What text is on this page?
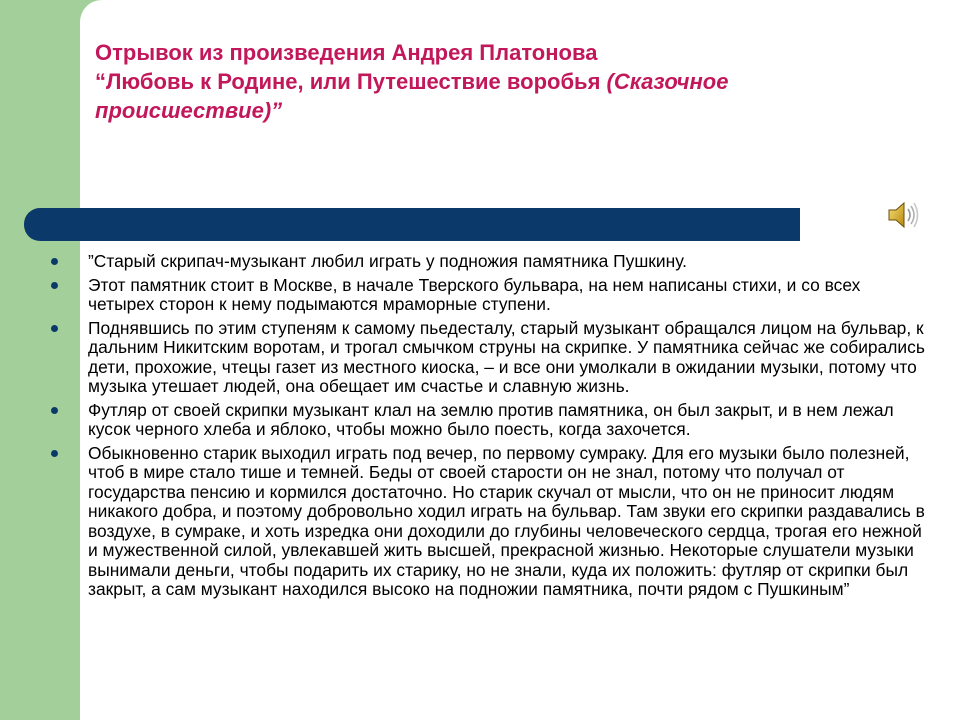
Отрывок из произведения Андрея Платонова
“Любовь к Родине, или Путешествие воробья (Сказочное происшествие)”
”Старый скрипач-музыкант любил играть у подножия памятника Пушкину.
Этот памятник стоит в Москве, в начале Тверского бульвара, на нем написаны стихи, и со всех четырех сторон к нему подымаются мраморные ступени.
Поднявшись по этим ступеням к самому пьедесталу, старый музыкант обращался лицом на бульвар, к дальним Никитским воротам, и трогал смычком струны на скрипке. У памятника сейчас же собирались дети, прохожие, чтецы газет из местного киоска, – и все они умолкали в ожидании музыки, потому что музыка утешает людей, она обещает им счастье и славную жизнь.
Футляр от своей скрипки музыкант клал на землю против памятника, он был закрыт, и в нем лежал кусок черного хлеба и яблоко, чтобы можно было поесть, когда захочется.
Обыкновенно старик выходил играть под вечер, по первому сумраку. Для его музыки было полезней, чтоб в мире стало тише и темней. Беды от своей старости он не знал, потому что получал от государства пенсию и кормился достаточно. Но старик скучал от мысли, что он не приносит людям никакого добра, и поэтому добровольно ходил играть на бульвар. Там звуки его скрипки раздавались в воздухе, в сумраке, и хоть изредка они доходили до глубины человеческого сердца, трогая его нежной и мужественной силой, увлекавшей жить высшей, прекрасной жизнью. Некоторые слушатели музыки вынимали деньги, чтобы подарить их старику, но не знали, куда их положить: футляр от скрипки был закрыт, а сам музыкант находился высоко на подножии памятника, почти рядом с Пушкиным”
